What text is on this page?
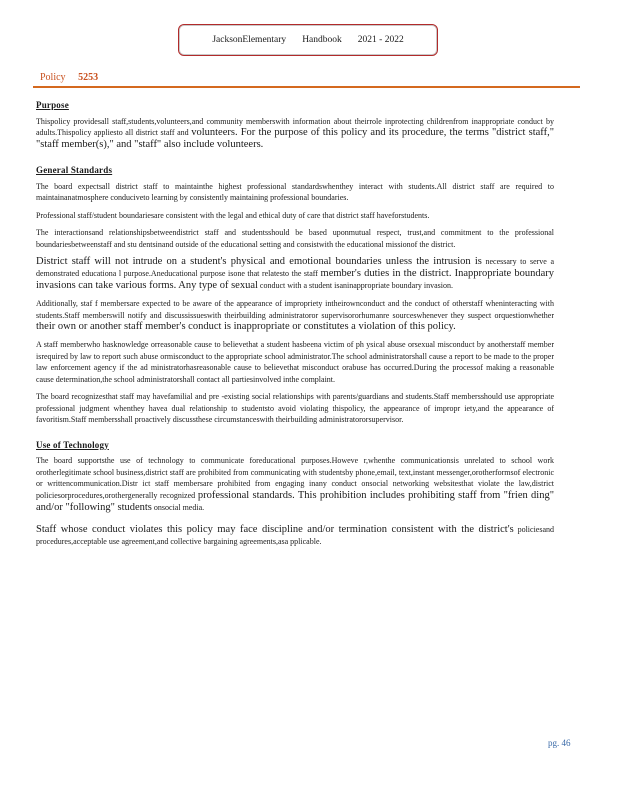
JacksonElementary Handbook 2021 - 2022
Policy 5253
Purpose

Thispolicy providesall staff,students,volunteers,and community memberswith information about theirrole inprotecting childrenfrom inappropriate conduct by adults.Thispolicy appliesto all district staff and volunteers. For the purpose of this policy and its procedure, the terms "district staff," "staff member(s)," and "staff" also include volunteers.

General Standards

The board expectsall district staff to maintainthe highest professional standardswhenthey interact with students.All district staff are required to maintainanatmosphere conduciveto learning by consistently maintaining professional boundaries.

Professional staff/student boundariesare consistent with the legal and ethical duty of care that district staff haveforstudents.

The interactionsand relationshipsbetweendistrict staff and studentsshould be based uponmutual respect, trust,and commitment to the professional boundariesbetweenstaff and stu dentsinand outside of the educational setting and consistwith the educational missionof the district.

District staff will not intrude on a student's physical and emotional boundaries unless the intrusion is necessary to serve a demonstrated educationa l purpose.Aneducational purpose isone that relatesto the staff member's duties in the district. Inappropriate boundary invasions can take various forms. Any type of sexual conduct with a student isaninappropriate boundary invasion.

Additionally, staf f membersare expected to be aware of the appearance of impropriety intheirownconduct and the conduct of otherstaff wheninteracting with students.Staff memberswill notify and discussissueswith theirbuilding administratoror supervisororhumanre sourceswhenever they suspect orquestionwhether their own or another staff member's conduct is inappropriate or constitutes a violation of this policy.

A staff memberwho hasknowledge orreasonable cause to believethat a student hasbeena victim of ph ysical abuse orsexual misconduct by anotherstaff member isrequired by law to report such abuse ormisconduct to the appropriate school administrator.The school administratorshall cause a report to be made to the proper law enforcement agency if the ad ministratorhasreasonable cause to believethat misconduct orabuse has occurred.During the processof making a reasonable cause determination,the school administratorshall contact all partiesinvolved inthe complaint.

The board recognizesthat staff may havefamilial and pre -existing social relationships with parents/guardians and students.Staff membersshould use appropriate professional judgment whenthey havea dual relationship to studentsto avoid violating thispolicy, the appearance of impropr iety,and the appearance of favoritism.Staff membersshall proactively discussthese circumstanceswith theirbuilding administratororsupervisor.

Use of Technology

The board supportsthe use of technology to communicate foreducational purposes.Howeve r,whenthe communicationsis unrelated to school work orotherlegitimate school business,district staff are prohibited from communicating with studentsby phone,email, text,instant messenger,orotherformsof electronic or writtencommunication.Distr ict staff membersare prohibited from engaging inany conduct onsocial networking websitesthat violate the law,district policiesorprocedures,orothergenerally recognized professional standards. This prohibition includes prohibiting staff from "frien ding" and/or "following" students onsocial media.

Staff whose conduct violates this policy may face discipline and/or termination consistent with the district's policiesand procedures,acceptable use agreement,and collective bargaining agreements,asa pplicable.

pg. 46
